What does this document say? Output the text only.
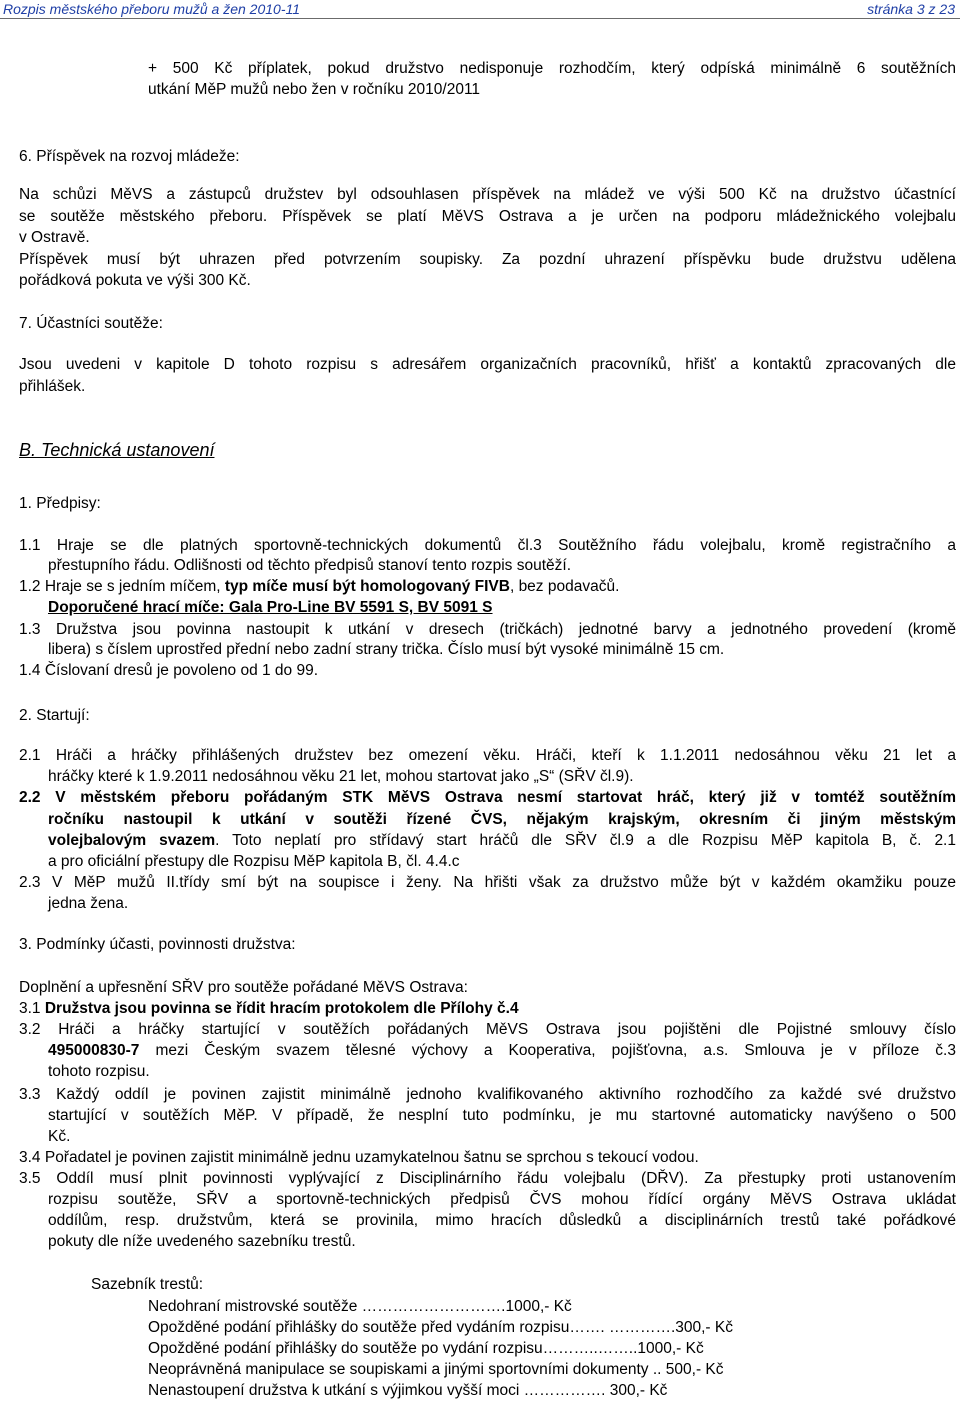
Rozpis městského přeboru mužů a žen 2010-11	stránka 3 z 23
+ 500 Kč příplatek, pokud družstvo nedisponuje rozhodčím, který odpíská minimálně 6 soutěžních
utkání MěP mužů nebo žen v ročníku 2010/2011
6. Příspěvek na rozvoj mládeže:
Na schůzi MěVS a zástupců družstev byl odsouhlasen příspěvek na mládež ve výši 500 Kč na družstvo účastnící
se soutěže městského přeboru. Příspěvek se platí MěVS Ostrava a je určen na podporu mládežnického volejbalu
v Ostravě.
Příspěvek musí být uhrazen před potvrzením soupisky. Za pozdní uhrazení příspěvku bude družstvu udělena
pořádková pokuta ve výši 300 Kč.
7. Účastníci soutěže:
Jsou uvedeni v kapitole D tohoto rozpisu s adresářem organizačních pracovníků, hřišť a kontaktů zpracovaných dle
přihlášek.
B. Technická ustanovení
1. Předpisy:
1.1 Hraje se dle platných sportovně-technických dokumentů čl.3 Soutěžního řádu volejbalu, kromě registračního a
přestupního řádu. Odlišnosti od těchto předpisů stanoví tento rozpis soutěží.
1.2 Hraje se s jedním míčem, typ míče musí být homologovaný FIVB, bez podavačů.
Doporučené hrací míče: Gala Pro-Line BV 5591 S, BV 5091 S
1.3 Družstva jsou povinna nastoupit k utkání v dresech (tričkách) jednotné barvy a jednotného provedení (kromě
libera) s číslem uprostřed přední nebo zadní strany trička. Číslo musí být vysoké minimálně 15 cm.
1.4 Číslovaní dresů je povoleno od 1 do 99.
2. Startují:
2.1 Hráči a hráčky přihlášených družstev bez omezení věku. Hráči, kteří k 1.1.2011 nedosáhnou věku 21 let a
hráčky které k 1.9.2011 nedosáhnou věku 21 let, mohou startovat jako „S“ (SŘV čl.9).
2.2 V městském přeboru pořádaným STK MěVS Ostrava nesmí startovat hráč, který již v tomtéž soutěžním
ročníku nastoupil k utkání v soutěži řízené ČVS, nějakým krajským, okresním či jiným městským
volejbalovým svazem. Toto neplatí pro střídavý start hráčů dle SŘV čl.9 a dle Rozpisu MěP kapitola B, č. 2.1
a pro oficiální přestupy dle Rozpisu MěP kapitola B, čl. 4.4.c
2.3 V MěP mužů II.třídy smí být na soupisce i ženy. Na hřišti však za družstvo může být v každém okamžiku pouze
jedna žena.
3. Podmínky účasti, povinnosti družstva:
Doplnění a upřesnění SŘV pro soutěže pořádané MěVS Ostrava:
3.1 Družstva jsou povinna se řídit hracím protokolem dle Přílohy č.4
3.2 Hráči a hráčky startující v soutěžích pořádaných MěVS Ostrava jsou pojištěni dle Pojistné smlouvy číslo
495000830-7 mezi Českým svazem tělesné výchovy a Kooperativa, pojišťovna, a.s. Smlouva je v příloze č.3
tohoto rozpisu.
3.3 Každý oddíl je povinen zajistit minimálně jednoho kvalifikovaného aktivního rozhodčího za každé své družstvo
startující v soutěžích MěP. V případě, že nesplní tuto podmínku, je mu startovné automaticky navýšeno o 500
Kč.
3.4 Pořadatel je povinen zajistit minimálně jednu uzamykatelnou šatnu se sprchou s tekoucí vodou.
3.5 Oddíl musí plnit povinnosti vyplývající z Disciplinárního řádu volejbalu (DŘV). Za přestupky proti ustanovením
rozpisu soutěže, SŘV a sportovně-technických předpisů ČVS mohou řídící orgány MěVS Ostrava ukládat
oddílům, resp. družstvům, která se provinila, mimo hracích důsledků a disciplinárních trestů také pořádkové
pokuty dle níže uvedeného sazebníku trestů.
Sazebník trestů:
Nedohraní mistrovské soutěže ……………………….1000,- Kč
Opožděné podání přihlášky do soutěže před vydáním rozpisu……. ………….300,- Kč
Opožděné podání přihlášky do soutěže po vydání rozpisu………..……..1000,- Kč
Neoprávněná manipulace se soupiskami a jinými sportovními dokumenty .. 500,- Kč
Nenastoupení družstva k utkání s výjimkou vyšší moci ……………. 300,- Kč
